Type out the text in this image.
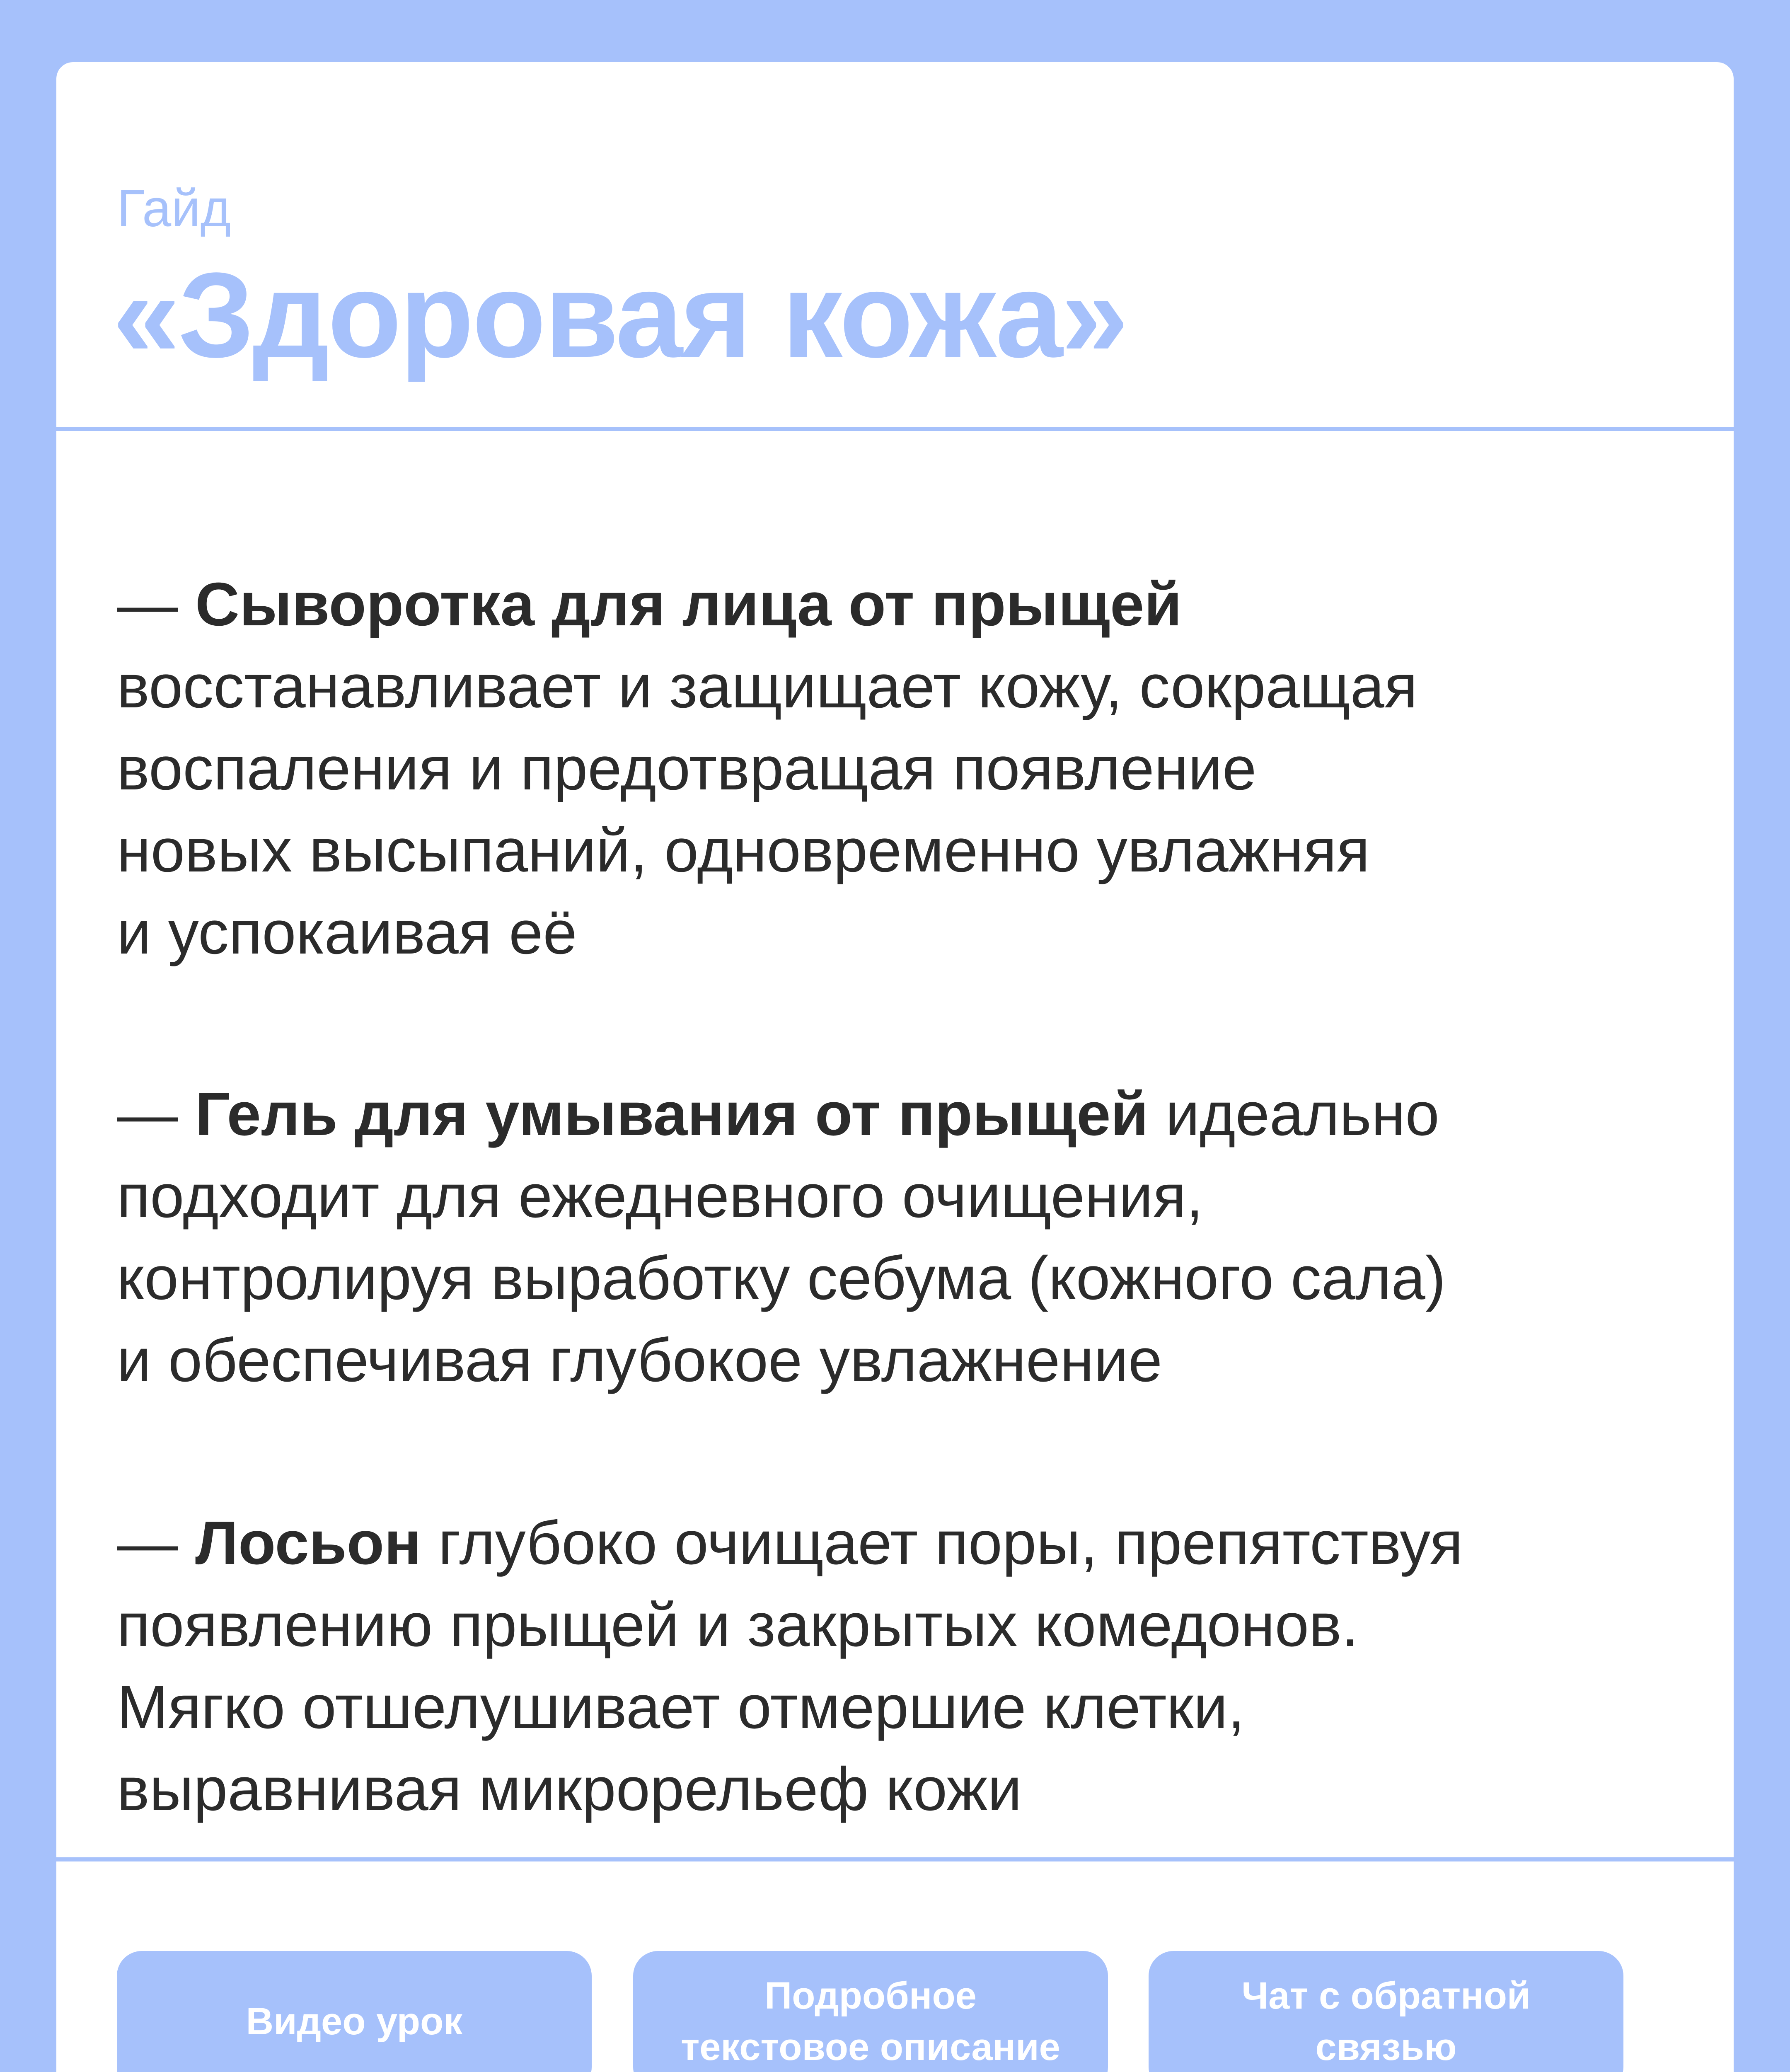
Гайд
«Здоровая кожа»

— Сыворотка для лица от прыщей
восстанавливает и защищает кожу, сокращая
воспаления и предотвращая появление
новых высыпаний, одновременно увлажняя
и успокаивая её

— Гель для умывания от прыщей идеально
подходит для ежедневного очищения,
контролируя выработку себума (кожного сала)
и обеспечивая глубокое увлажнение

— Лосьон глубоко очищает поры, препятствуя
появлению прыщей и закрытых комедонов.
Мягко отшелушивает отмершие клетки,
выравнивая микрорельеф кожи

Видео урок
Подробное
текстовое описание
Чат с обратной
связью
